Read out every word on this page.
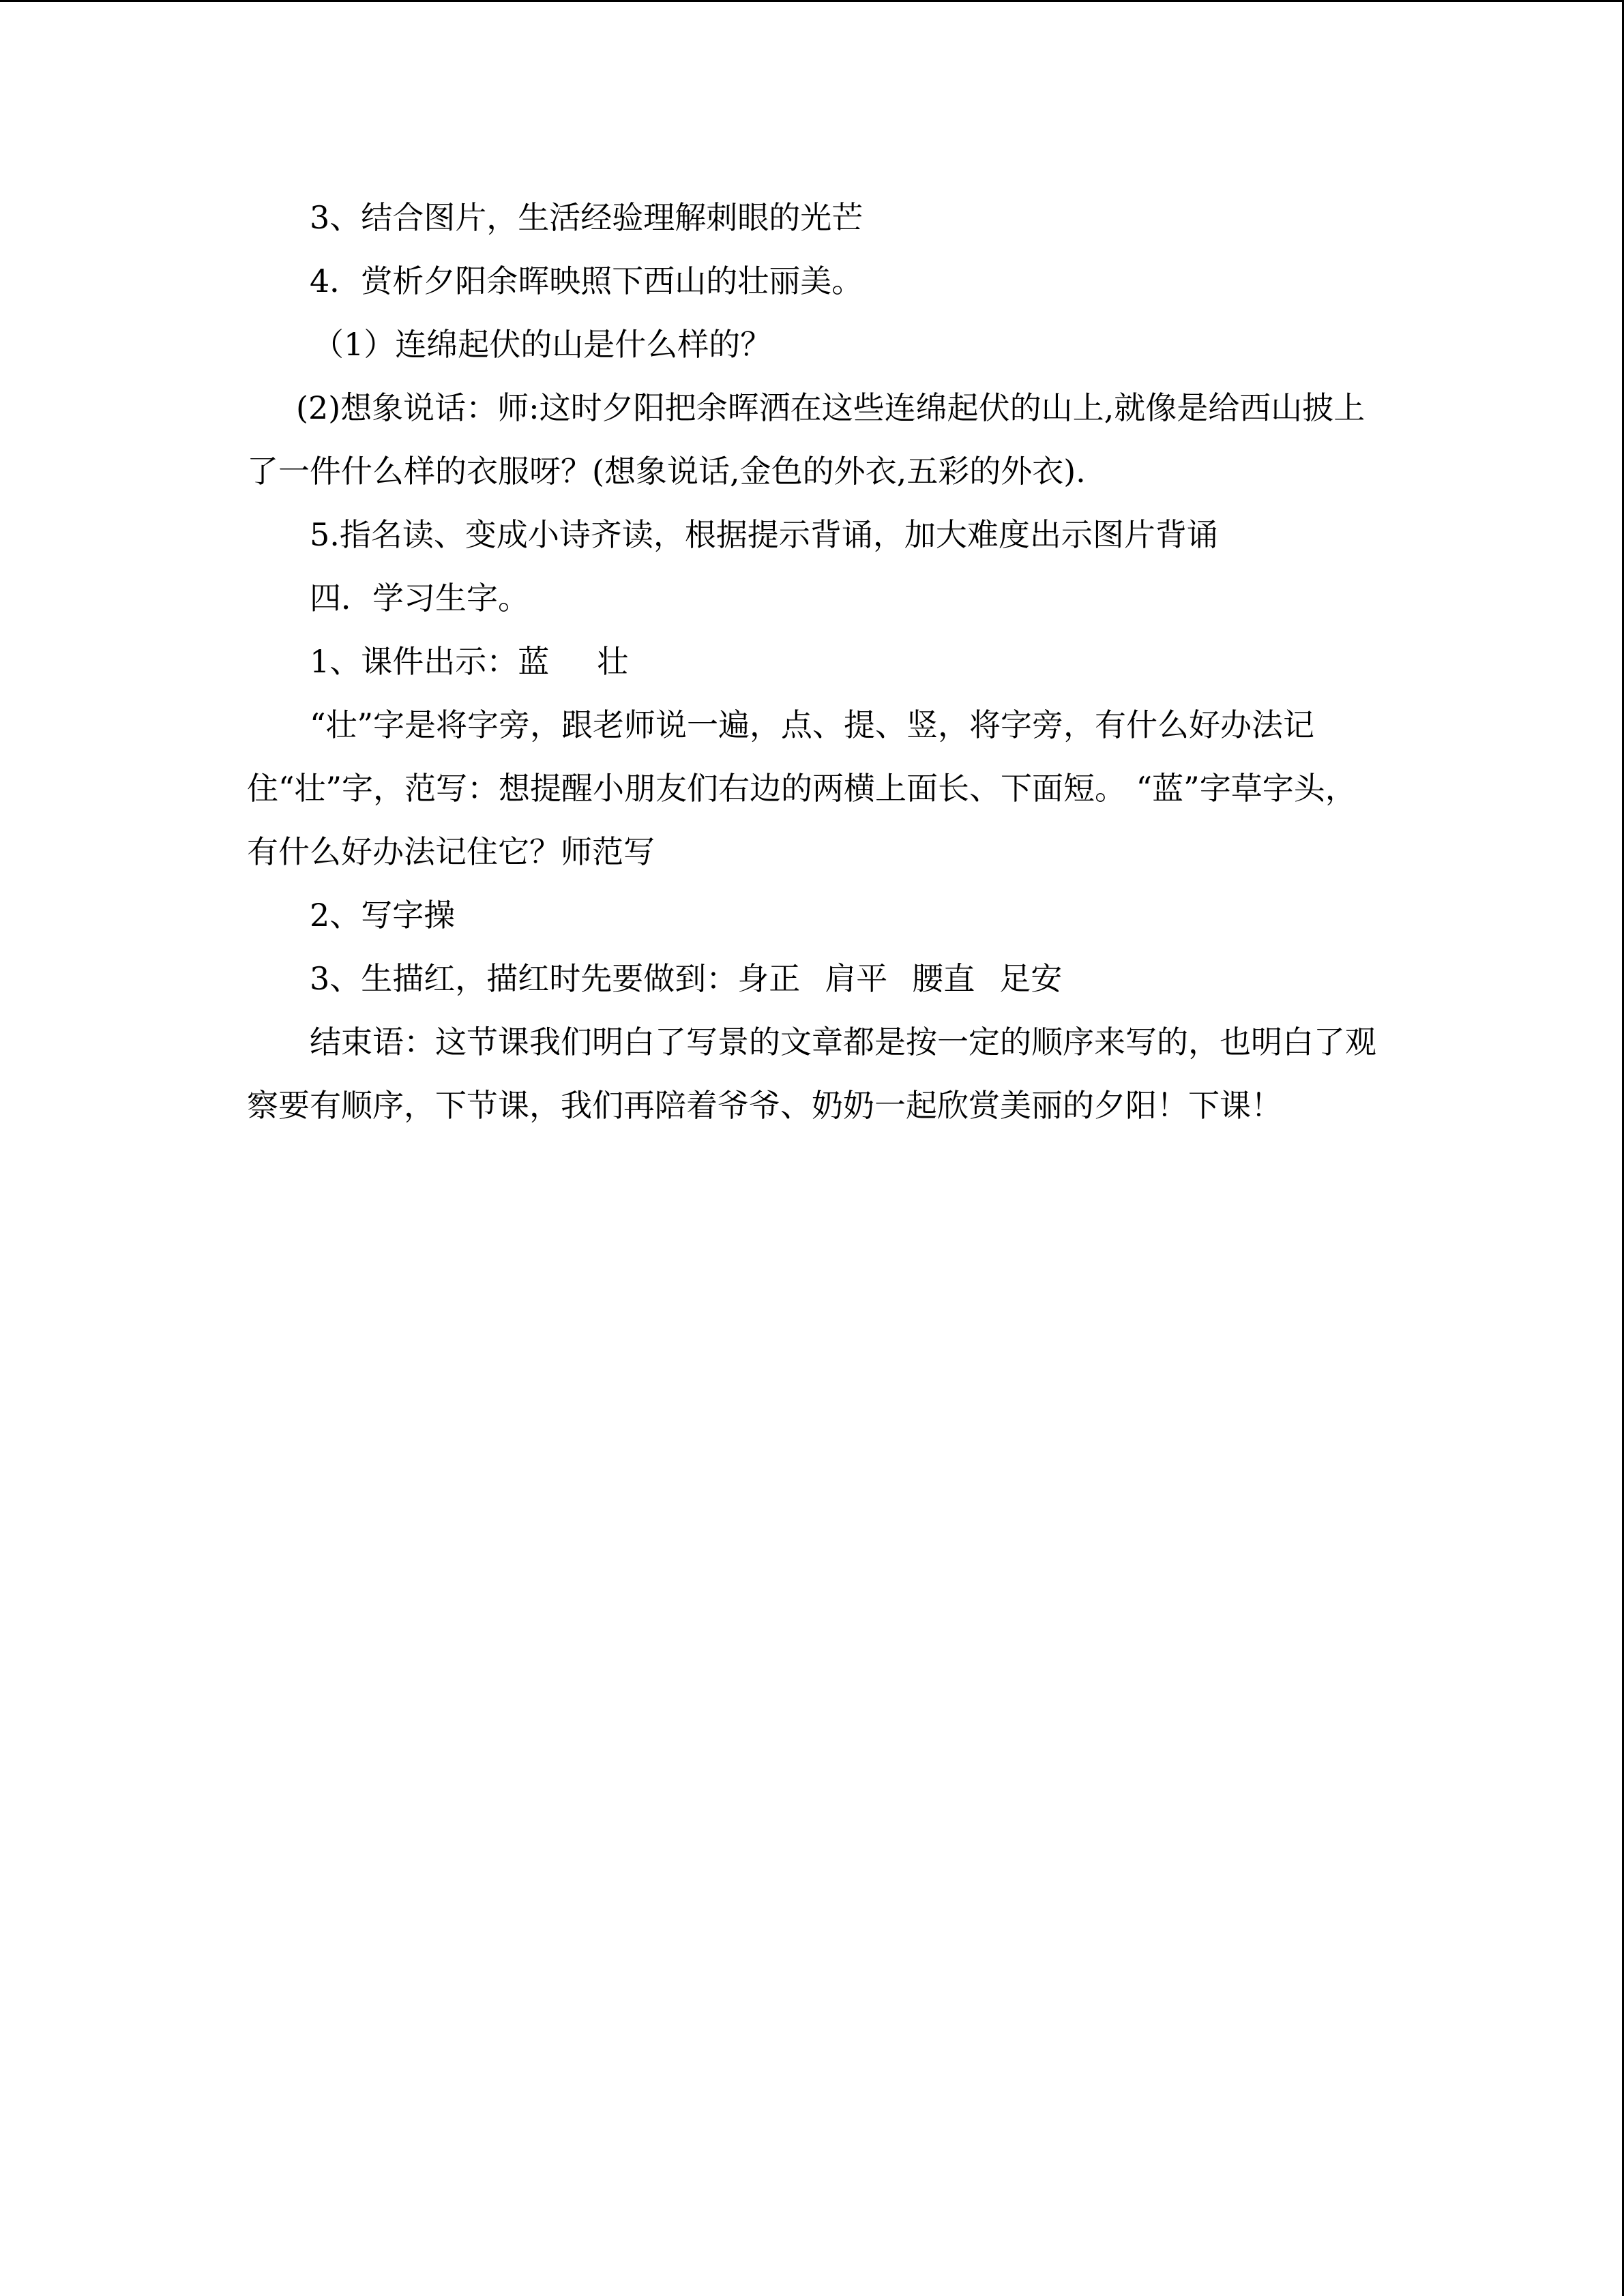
3、结合图片，生活经验理解刺眼的光芒

4．赏析夕阳余晖映照下西山的壮丽美。

（1）连绵起伏的山是什么样的？

(2)想象说话：师:这时夕阳把余晖洒在这些连绵起伏的山上,就像是给西山披上了一件什么样的衣服呀？(想象说话,金色的外衣,五彩的外衣).

5.指名读、变成小诗齐读，根据提示背诵，加大难度出示图片背诵

四．学习生字。

1、课件出示：蓝 壮

“壮”字是将字旁，跟老师说一遍，点、提、竖，将字旁，有什么好办法记住“壮”字，范写：想提醒小朋友们右边的两横上面长、下面短。 “蓝”字草字头，有什么好办法记住它？师范写

2、写字操

3、生描红，描红时先要做到：身正 肩平 腰直 足安

结束语：这节课我们明白了写景的文章都是按一定的顺序来写的，也明白了观察要有顺序，下节课，我们再陪着爷爷、奶奶一起欣赏美丽的夕阳！下课！
